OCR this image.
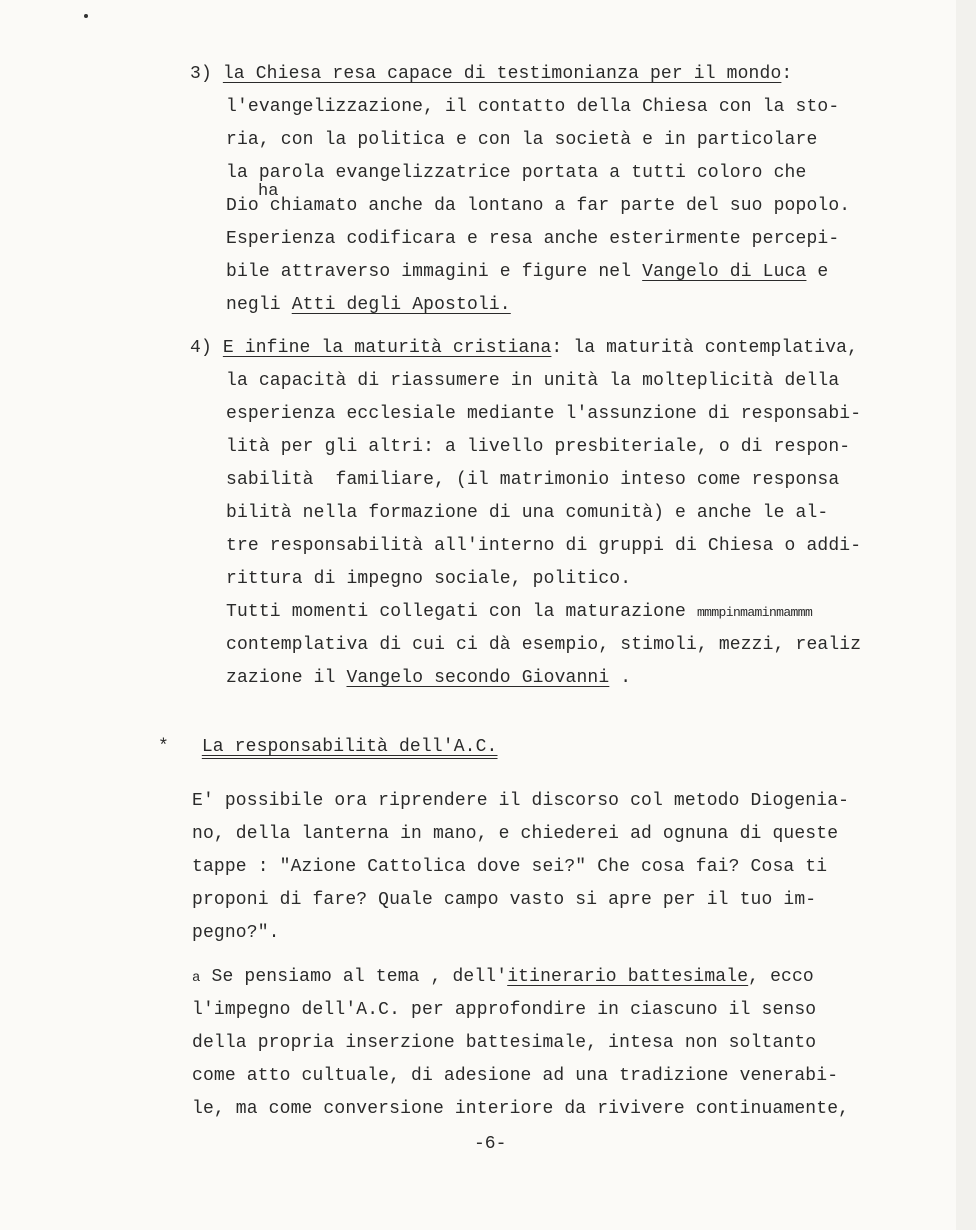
3) la Chiesa resa capace di testimonianza per il mondo:
l'evangelizzazione, il contatto della Chiesa con la sto-
ria, con la politica e con la società e in particolare
la parola evangelizzatrice portata a tutti coloro che
ha
Dio chiamato anche da lontano a far parte del suo popolo.
Esperienza codificara e resa anche esterirmente percepi-
bile attraverso immagini e figure nel Vangelo di Luca e
negli Atti degli Apostoli.
4) E infine la maturità cristiana: la maturità contemplativa,
la capacità di riassumere in unità la molteplicità della
esperienza ecclesiale mediante l'assunzione di responsabi-
lità per gli altri: a livello presbiteriale, o di respon-
sabilità  familiare, (il matrimonio inteso come responsa
bilità nella formazione di una comunità) e anche le al-
tre responsabilità all'interno di gruppi di Chiesa o addi-
rittura di impegno sociale, politico.
Tutti momenti collegati con la maturazione mmmpinmaminmammm
contemplativa di cui ci dà esempio, stimoli, mezzi, realiz
zazione il Vangelo secondo Giovanni .
* La responsabilità dell'A.C.
E' possibile ora riprendere il discorso col metodo Diogenia-
no, della lanterna in mano, e chiederei ad ognuna di queste
tappe : "Azione Cattolica dove sei?" Che cosa fai? Cosa ti
proponi di fare? Quale campo vasto si apre per il tuo im-
pegno?".
a Se pensiamo al tema , dell'itinerario battesimale, ecco
l'impegno dell'A.C. per approfondire in ciascuno il senso
della propria inserzione battesimale, intesa non soltanto
come atto cultuale, di adesione ad una tradizione venerabi-
le, ma come conversione interiore da rivivere continuamente,
-6-
